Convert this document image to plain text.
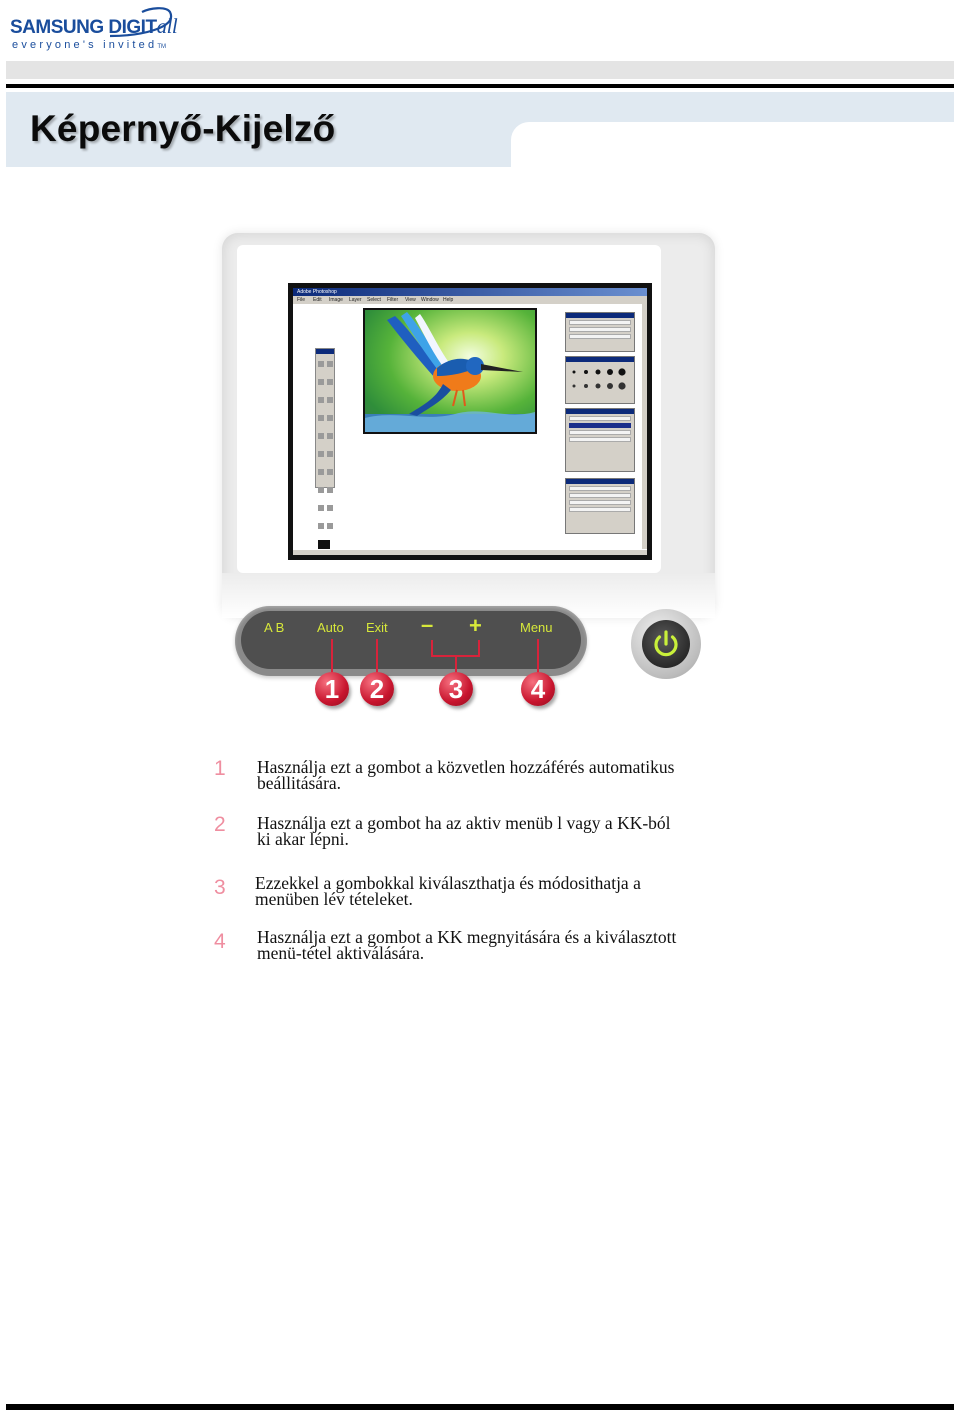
SAMSUNG DIGITall
everyone's invitedTM
Képernyő-Kijelző
Adobe Photoshop
File Edit Image Layer Select Filter View Window Help

A B	Auto Exit – +	Menu
1	2	3	4
1 Használja ezt a gombot a közvetlen hozzáférés automatikus
beállitására.
2 Használja ezt a gombot ha az aktiv menüb l vagy a KK-ból
ki akar lépni.
3 Ezzekkel a gombokkal kiválaszthatja és módosithatja a
menüben lév tételeket.
4 Használja ezt a gombot a KK megnyitására és a kiválasztott
menü-tétel aktiválására.
